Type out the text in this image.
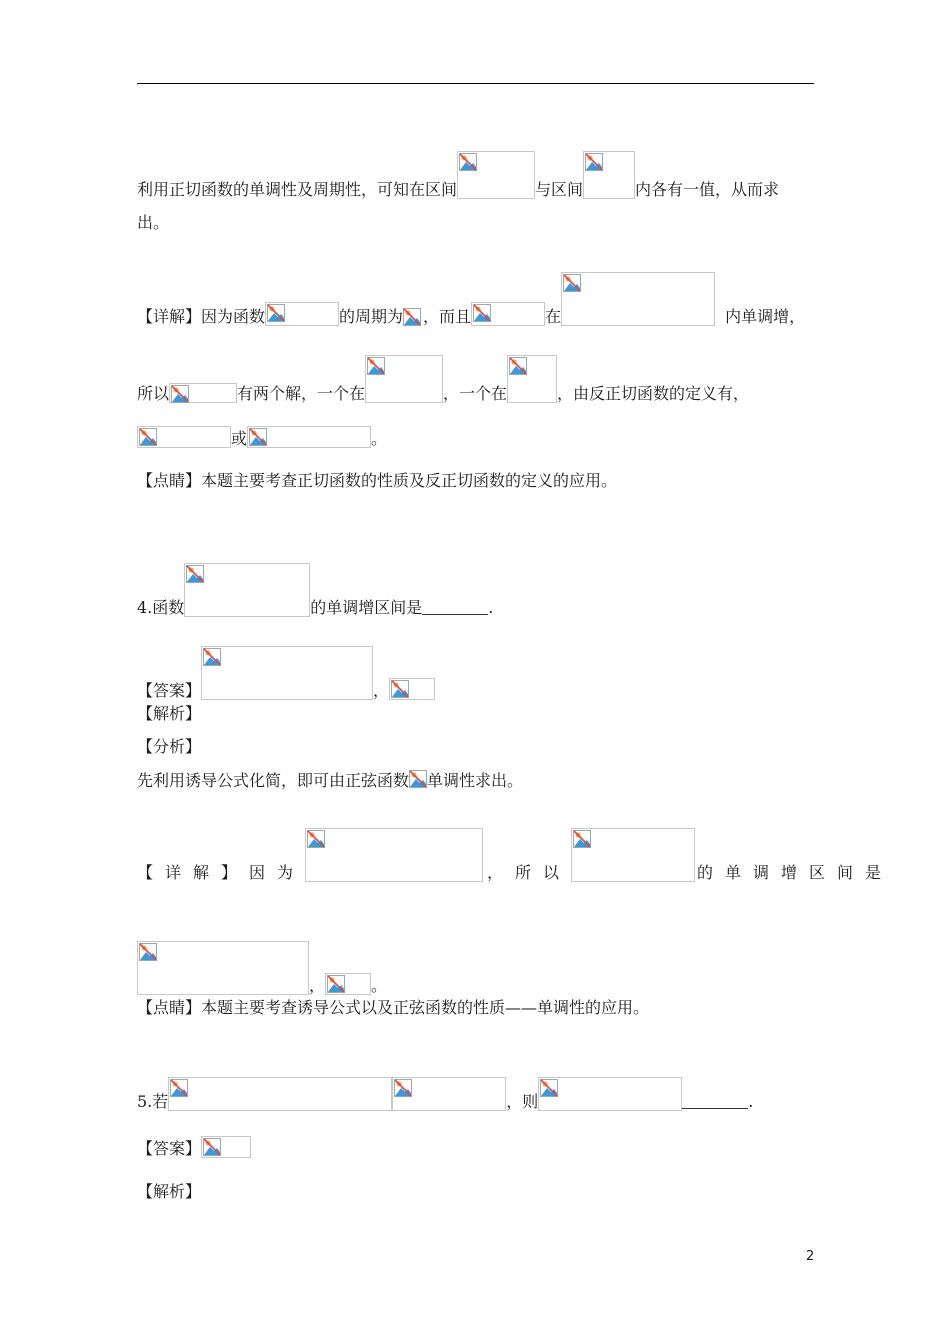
利用正切函数的单调性及周期性，可知在区间	与区间	内各有一值，从而求
出。
【详解】因为函数	的周期为 ，而且	在	内单调增，
所以	有两个解，一个在	，一个在	，由反正切函数的定义有，
或	。
【点睛】本题主要考查正切函数的性质及反正切函数的定义的应用。
4.函数	的单调增区间是	.
【答案】	，
【解析】
【分析】
先利用诱导公式化简，即可由正弦函数 单调性求出。
【详解】因为	，所以	的单调增区间是
，	。
【点睛】本题主要考查诱导公式以及正弦函数的性质——单调性的应用。
5.若	，则	.
【答案】
【解析】
2
